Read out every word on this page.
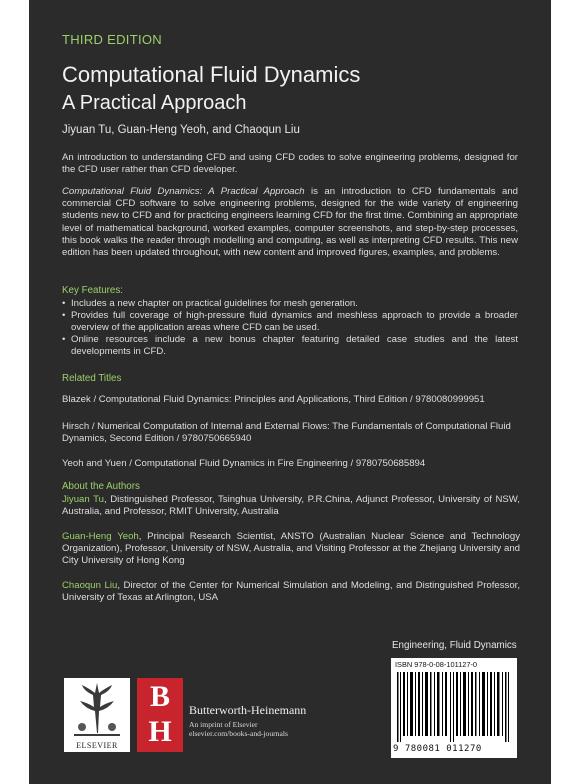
THIRD EDITION
Computational Fluid Dynamics
A Practical Approach
Jiyuan Tu, Guan-Heng Yeoh, and Chaoqun Liu
An introduction to understanding CFD and using CFD codes to solve engineering problems, designed for the CFD user rather than CFD developer.
Computational Fluid Dynamics: A Practical Approach is an introduction to CFD fundamentals and commercial CFD software to solve engineering problems, designed for the wide variety of engineering students new to CFD and for practicing engineers learning CFD for the first time. Combining an appropriate level of mathematical background, worked examples, computer screenshots, and step-by-step processes, this book walks the reader through modelling and computing, as well as interpreting CFD results. This new edition has been updated throughout, with new content and improved figures, examples, and problems.
Key Features:
• Includes a new chapter on practical guidelines for mesh generation.
• Provides full coverage of high-pressure fluid dynamics and meshless approach to provide a broader overview of the application areas where CFD can be used.
• Online resources include a new bonus chapter featuring detailed case studies and the latest developments in CFD.
Related Titles
Blazek / Computational Fluid Dynamics: Principles and Applications, Third Edition / 9780080999951
Hirsch / Numerical Computation of Internal and External Flows: The Fundamentals of Computational Fluid Dynamics, Second Edition / 9780750665940
Yeoh and Yuen / Computational Fluid Dynamics in Fire Engineering / 9780750685894
About the Authors
Jiyuan Tu, Distinguished Professor, Tsinghua University, P.R.China, Adjunct Professor, University of NSW, Australia, and Professor, RMIT University, Australia
Guan-Heng Yeoh, Principal Research Scientist, ANSTO (Australian Nuclear Science and Technology Organization), Professor, University of NSW, Australia, and Visiting Professor at the Zhejiang University and City University of Hong Kong
Chaoqun Liu, Director of the Center for Numerical Simulation and Modeling, and Distinguished Professor, University of Texas at Arlington, USA
Engineering, Fluid Dynamics
ISBN 978-0-08-101127-0
9 780081 011270
ELSEVIER
B
H
Butterworth-Heinemann
An imprint of Elsevier
elsevier.com/books-and-journals
